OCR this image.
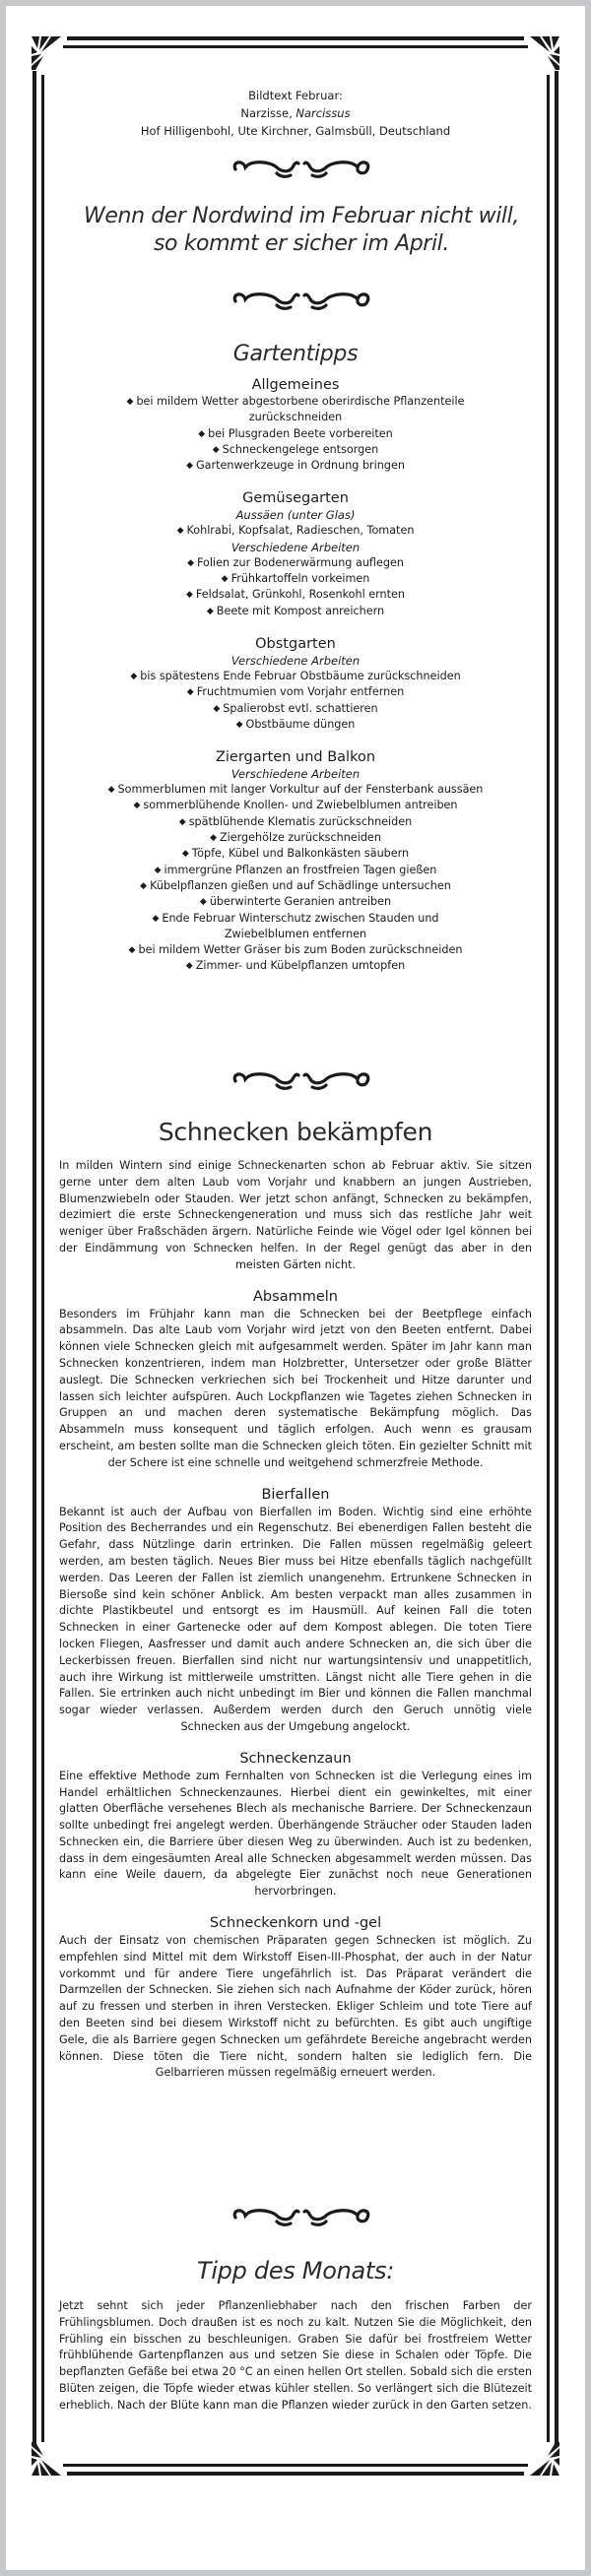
Bildtext Februar:
Narzisse, Narcissus
Hof Hilligenbohl, Ute Kirchner, Galmsbüll, Deutschland
Wenn der Nordwind im Februar nicht will,
so kommt er sicher im April.
Gartentipps
Allgemeines
◆ bei mildem Wetter abgestorbene oberirdische Pflanzenteile zurückschneiden
◆ bei Plusgraden Beete vorbereiten
◆ Schneckengelege entsorgen
◆ Gartenwerkzeuge in Ordnung bringen
Gemüsegarten
Aussäen (unter Glas)
◆ Kohlrabi, Kopfsalat, Radieschen, Tomaten
Verschiedene Arbeiten
◆ Folien zur Bodenerwärmung auflegen
◆ Frühkartoffeln vorkeimen
◆ Feldsalat, Grünkohl, Rosenkohl ernten
◆ Beete mit Kompost anreichern
Obstgarten
Verschiedene Arbeiten
◆ bis spätestens Ende Februar Obstbäume zurückschneiden
◆ Fruchtmumien vom Vorjahr entfernen
◆ Spalierobst evtl. schattieren
◆ Obstbäume düngen
Ziergarten und Balkon
Verschiedene Arbeiten
◆ Sommerblumen mit langer Vorkultur auf der Fensterbank aussäen
◆ sommerblühende Knollen- und Zwiebelblumen antreiben
◆ spätblühende Klematis zurückschneiden
◆ Ziergehölze zurückschneiden
◆ Töpfe, Kübel und Balkonkästen säubern
◆ immergrüne Pflanzen an frostfreien Tagen gießen
◆ Kübelpflanzen gießen und auf Schädlinge untersuchen
◆ überwinterte Geranien antreiben
◆ Ende Februar Winterschutz zwischen Stauden und Zwiebelblumen entfernen
◆ bei mildem Wetter Gräser bis zum Boden zurückschneiden
◆ Zimmer- und Kübelpflanzen umtopfen
Schnecken bekämpfen

In milden Wintern sind einige Schneckenarten schon ab Februar aktiv. Sie sitzen gerne unter dem alten Laub vom Vorjahr und knabbern an jungen Austrieben, Blumenzwiebeln oder Stauden. Wer jetzt schon anfängt, Schnecken zu bekämpfen, dezimiert die erste Schneckengeneration und muss sich das restliche Jahr weit weniger über Fraßschäden ärgern. Natürliche Feinde wie Vögel oder Igel können bei der Eindämmung von Schnecken helfen. In der Regel genügt das aber in den meisten Gärten nicht.

Absammeln

Besonders im Frühjahr kann man die Schnecken bei der Beetpflege einfach absammeln. Das alte Laub vom Vorjahr wird jetzt von den Beeten entfernt. Dabei können viele Schnecken gleich mit aufgesammelt werden. Später im Jahr kann man Schnecken konzentrieren, indem man Holzbretter, Untersetzer oder große Blätter auslegt. Die Schnecken verkriechen sich bei Trockenheit und Hitze darunter und lassen sich leichter aufspüren. Auch Lockpflanzen wie Tagetes ziehen Schnecken in Gruppen an und machen deren systematische Bekämpfung möglich. Das Absammeln muss konsequent und täglich erfolgen. Auch wenn es grausam erscheint, am besten sollte man die Schnecken gleich töten. Ein gezielter Schnitt mit der Schere ist eine schnelle und weitgehend schmerzfreie Methode.

Bierfallen

Bekannt ist auch der Aufbau von Bierfallen im Boden. Wichtig sind eine erhöhte Position des Becherrandes und ein Regenschutz. Bei ebenerdigen Fallen besteht die Gefahr, dass Nützlinge darin ertrinken. Die Fallen müssen regelmäßig geleert werden, am besten täglich. Neues Bier muss bei Hitze ebenfalls täglich nachgefüllt werden. Das Leeren der Fallen ist ziemlich unangenehm. Ertrunkene Schnecken in Biersoße sind kein schöner Anblick. Am besten verpackt man alles zusammen in dichte Plastikbeutel und entsorgt es im Hausmüll. Auf keinen Fall die toten Schnecken in einer Gartenecke oder auf dem Kompost ablegen. Die toten Tiere locken Fliegen, Aasfresser und damit auch andere Schnecken an, die sich über die Leckerbissen freuen. Bierfallen sind nicht nur wartungsintensiv und unappetitlich, auch ihre Wirkung ist mittlerweile umstritten. Längst nicht alle Tiere gehen in die Fallen. Sie ertrinken auch nicht unbedingt im Bier und können die Fallen manchmal sogar wieder verlassen. Außerdem werden durch den Geruch unnötig viele Schnecken aus der Umgebung angelockt.

Schneckenzaun

Eine effektive Methode zum Fernhalten von Schnecken ist die Verlegung eines im Handel erhältlichen Schneckenzaunes. Hierbei dient ein gewinkeltes, mit einer glatten Oberfläche versehenes Blech als mechanische Barriere. Der Schneckenzaun sollte unbedingt frei angelegt werden. Überhängende Sträucher oder Stauden laden Schnecken ein, die Barriere über diesen Weg zu überwinden. Auch ist zu bedenken, dass in dem eingesäumten Areal alle Schnecken abgesammelt werden müssen. Das kann eine Weile dauern, da abgelegte Eier zunächst noch neue Generationen hervorbringen.

Schneckenkorn und -gel

Auch der Einsatz von chemischen Präparaten gegen Schnecken ist möglich. Zu empfehlen sind Mittel mit dem Wirkstoff Eisen-III-Phosphat, der auch in der Natur vorkommt und für andere Tiere ungefährlich ist. Das Präparat verändert die Darmzellen der Schnecken. Sie ziehen sich nach Aufnahme der Köder zurück, hören auf zu fressen und sterben in ihren Verstecken. Ekliger Schleim und tote Tiere auf den Beeten sind bei diesem Wirkstoff nicht zu befürchten. Es gibt auch ungiftige Gele, die als Barriere gegen Schnecken um gefährdete Bereiche angebracht werden können. Diese töten die Tiere nicht, sondern halten sie lediglich fern. Die Gelbarrieren müssen regelmäßig erneuert werden.

Tipp des Monats:

Jetzt sehnt sich jeder Pflanzenliebhaber nach den frischen Farben der Frühlingsblumen. Doch draußen ist es noch zu kalt. Nutzen Sie die Möglichkeit, den Frühling ein bisschen zu beschleunigen. Graben Sie dafür bei frostfreiem Wetter frühblühende Gartenpflanzen aus und setzen Sie diese in Schalen oder Töpfe. Die bepflanzten Gefäße bei etwa 20 °C an einen hellen Ort stellen. Sobald sich die ersten Blüten zeigen, die Töpfe wieder etwas kühler stellen. So verlängert sich die Blütezeit erheblich. Nach der Blüte kann man die Pflanzen wieder zurück in den Garten setzen.
